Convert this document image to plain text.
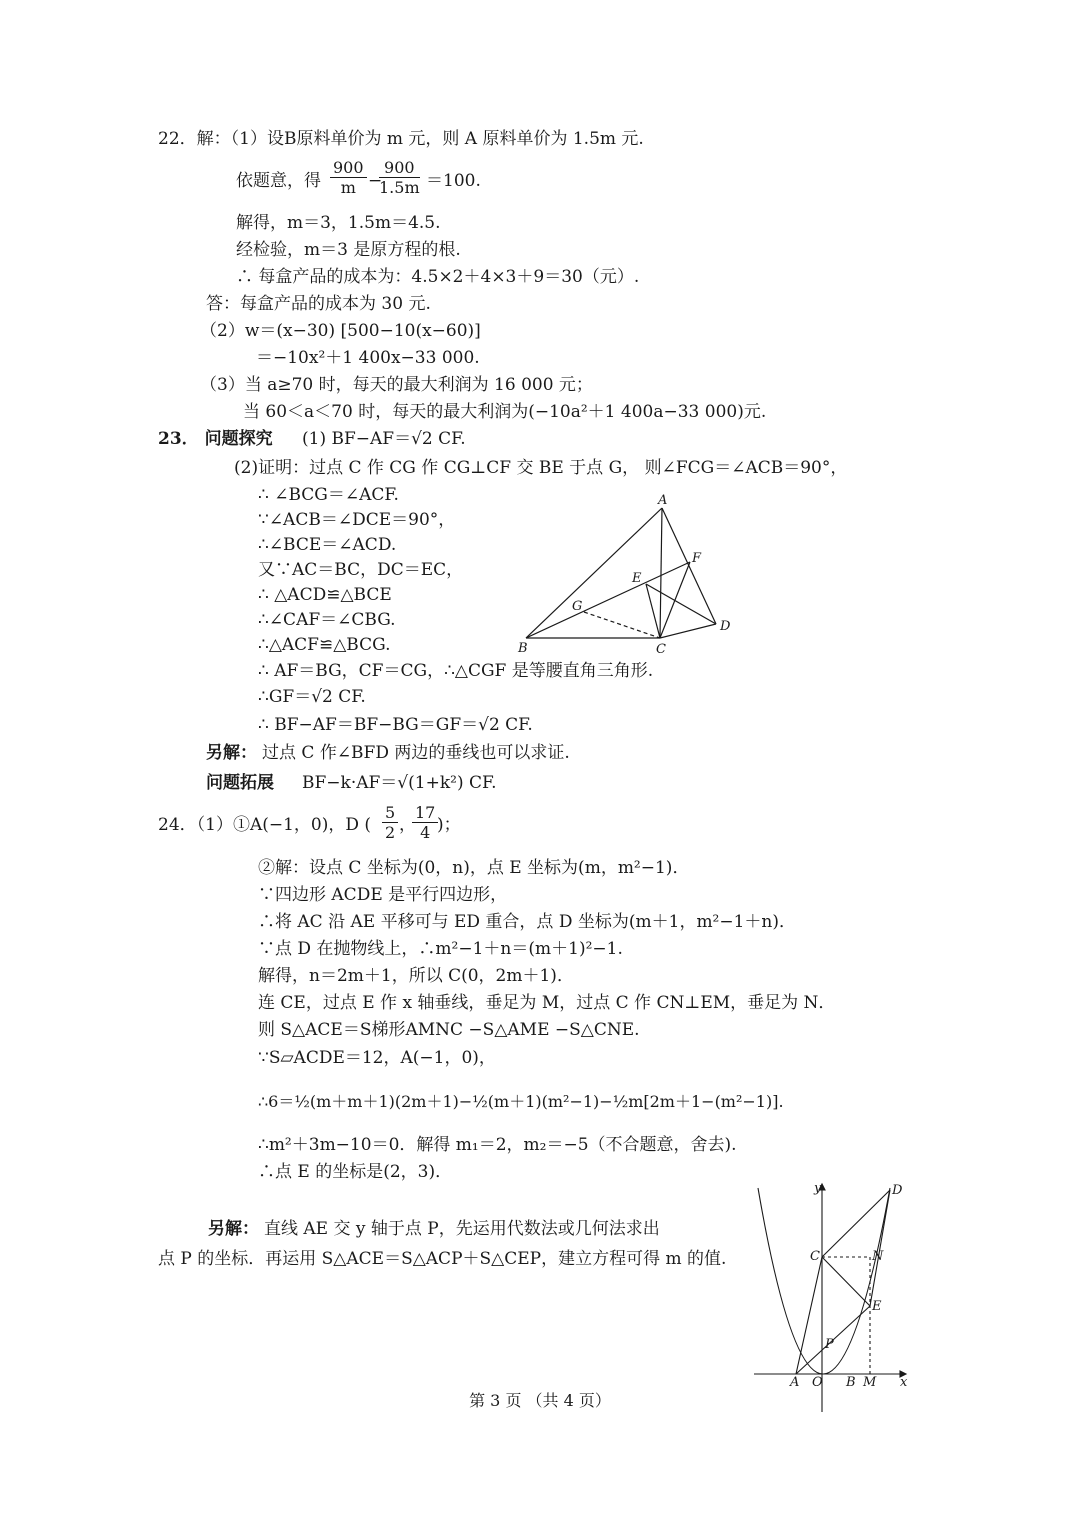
22．解：（1）设B原料单价为 m 元，则 A 原料单价为 1.5m 元.
依题意，得 $\frac{900}{m}$ −
$\frac{900}{1.5m} =100$.
解得，m＝3，1.5m＝4.5.
经检验，m＝3 是原方程的根.
∴ 每盒产品的成本为：4.5×2＋4×3＋9＝30（元）.
答：每盒产品的成本为 30 元.
（2）w＝(x−30) [500−10(x−60)]
＝−10x²＋1 400x−33 000.
（3）当 a≥70 时，每天的最大利润为 16 000 元；
当 60＜a＜70 时，每天的最大利润为(−10a²＋1 400a−33 000)元.
23． 问题探究 (1) BF−AF＝√2 CF.
(2)证明：过点 C 作 CG 作 CG⊥CF 交 BE 于点 G， 则∠FCG＝∠ACB＝90°，
∴ ∠BCG＝∠ACF.
∵∠ACB＝∠DCE＝90°，
∴∠BCE＝∠ACD.
又∵AC＝BC，DC＝EC，
∴ △ACD≌△BCE
∴∠CAF＝∠CBG.
∴△ACF≌△BCG.
∴ AF＝BG，CF＝CG，∴△CGF 是等腰直角三角形.
∴GF＝√2 CF.
∴ BF−AF＝BF−BG＝GF＝√2 CF.
另解： 过点 C 作∠BFD 两边的垂线也可以求证.
问题拓展 BF−k·AF＝√(1+k²) CF.
A
B	C
D
E
F
G
24．（1）①A(−1，0)，D ( $\frac{5}{2}$ ，
$\frac{17}{4}$
)；
②解：设点 C 坐标为(0，n)，点 E 坐标为(m，m²−1)．
∵四边形 ACDE 是平行四边形，
∴将 AC 沿 AE 平移可与 ED 重合，点 D 坐标为(m＋1，m²−1＋n)．
∵点 D 在抛物线上，∴m²−1＋n＝(m＋1)²−1.
解得，n＝2m＋1，所以 C(0，2m＋1)．
连 CE，过点 E 作 x 轴垂线，垂足为 M，过点 C 作 CN⊥EM，垂足为 N．
则 S△ACE＝S梯形AMNC −S△AME −S△CNE.
∵S▱ACDE＝12，A(−1，0)，
∴6＝½(m＋m＋1)(2m＋1)−½(m＋1)(m²−1)−½m[2m＋1−(m²−1)].
∴m²＋3m−10＝0．解得 m₁＝2，m₂＝−5（不合题意，舍去).
∴点 E 的坐标是(2，3)．
另解： 直线 AE 交 y 轴于点 P，先运用代数法或几何法求出
点 P 的坐标．再运用 S△ACE＝S△ACP＋S△CEP，建立方程可得 m 的值.
y
x
D
C	N
E
P
A O B M
第 3 页 （共 4 页）
